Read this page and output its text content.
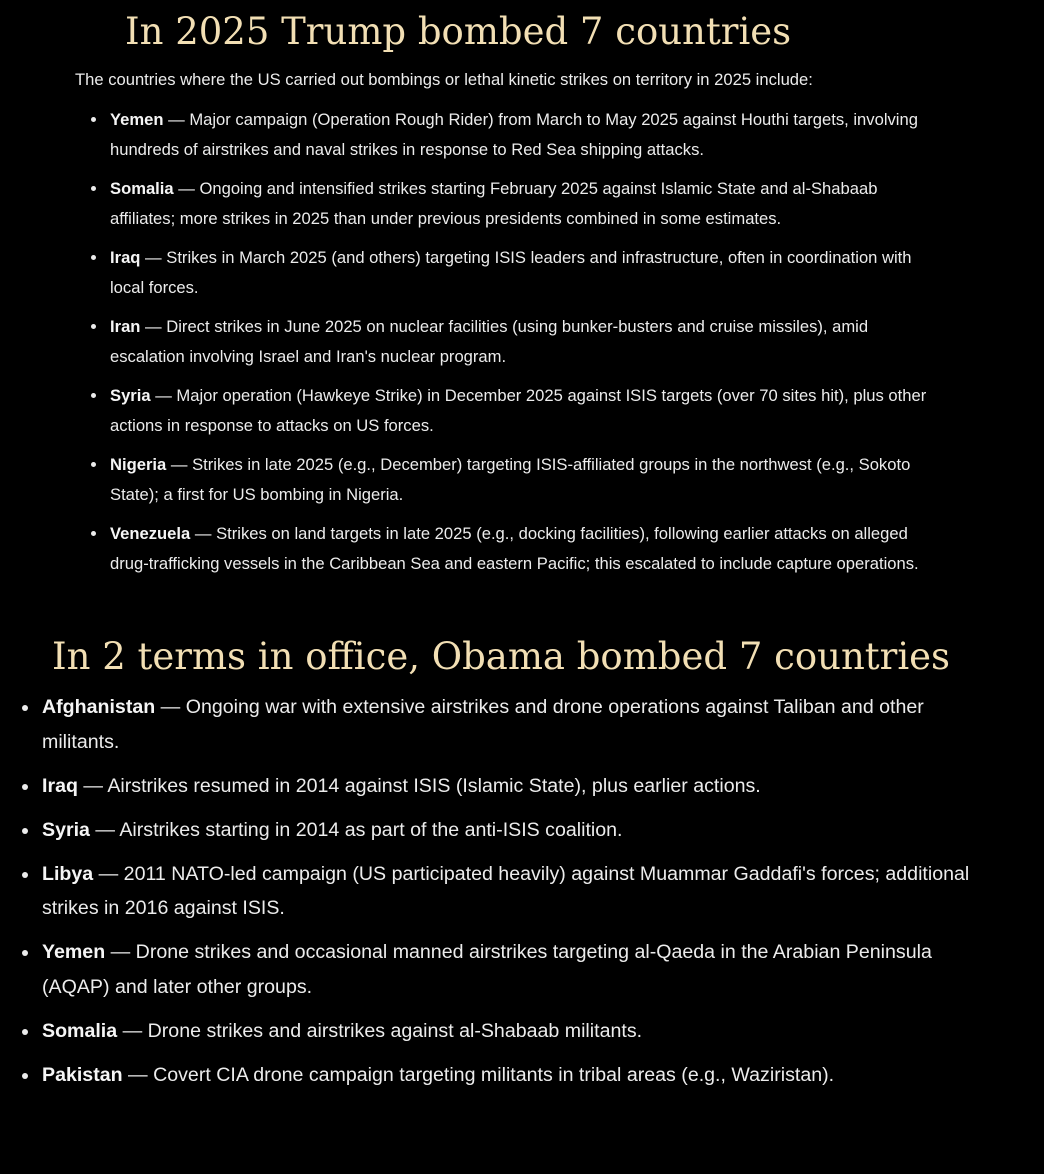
In 2025 Trump bombed 7 countries

The countries where the US carried out bombings or lethal kinetic strikes on territory in 2025 include:

Yemen — Major campaign (Operation Rough Rider) from March to May 2025 against Houthi targets, involving hundreds of airstrikes and naval strikes in response to Red Sea shipping attacks.
Somalia — Ongoing and intensified strikes starting February 2025 against Islamic State and al-Shabaab affiliates; more strikes in 2025 than under previous presidents combined in some estimates.
Iraq — Strikes in March 2025 (and others) targeting ISIS leaders and infrastructure, often in coordination with local forces.
Iran — Direct strikes in June 2025 on nuclear facilities (using bunker-busters and cruise missiles), amid escalation involving Israel and Iran's nuclear program.
Syria — Major operation (Hawkeye Strike) in December 2025 against ISIS targets (over 70 sites hit), plus other actions in response to attacks on US forces.
Nigeria — Strikes in late 2025 (e.g., December) targeting ISIS-affiliated groups in the northwest (e.g., Sokoto State); a first for US bombing in Nigeria.
Venezuela — Strikes on land targets in late 2025 (e.g., docking facilities), following earlier attacks on alleged drug-trafficking vessels in the Caribbean Sea and eastern Pacific; this escalated to include capture operations.
In 2 terms in office, Obama bombed 7 countries
Afghanistan — Ongoing war with extensive airstrikes and drone operations against Taliban and other militants.
Iraq — Airstrikes resumed in 2014 against ISIS (Islamic State), plus earlier actions.
Syria — Airstrikes starting in 2014 as part of the anti-ISIS coalition.
Libya — 2011 NATO-led campaign (US participated heavily) against Muammar Gaddafi's forces; additional strikes in 2016 against ISIS.
Yemen — Drone strikes and occasional manned airstrikes targeting al-Qaeda in the Arabian Peninsula (AQAP) and later other groups.
Somalia — Drone strikes and airstrikes against al-Shabaab militants.
Pakistan — Covert CIA drone campaign targeting militants in tribal areas (e.g., Waziristan).
